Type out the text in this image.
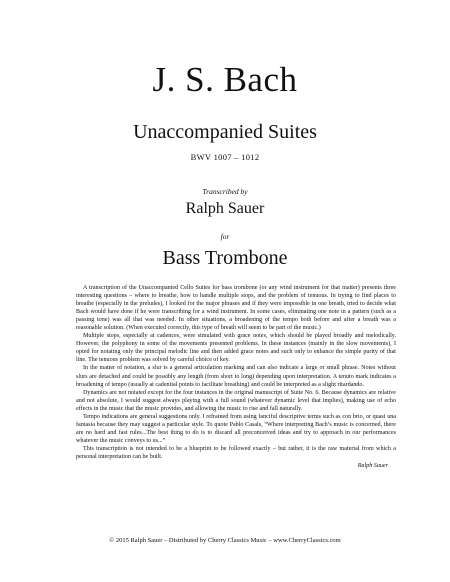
J. S. Bach
Unaccompanied Suites
BWV 1007 – 1012
Transcribed by
Ralph Sauer
for
Bass Trombone

A transcription of the Unaccompanied Cello Suites for bass trombone (or any wind instrument for that matter) presents three interesting questions – where to breathe, how to handle multiple stops, and the problem of tenuous. In trying to find places to breathe (especially in the preludes), I looked for the major phrases and if they were impossible in one breath, tried to decide what Bach would have done if he were transcribing for a wind instrument. In some cases, eliminating one note in a pattern (such as a passing tone) was all that was needed. In other situations, a broadening of the tempo both before and after a breath was a reasonable solution. (When executed correctly, this type of breath will seem to be part of the music.)

Multiple stops, especially at cadences, were simulated with grace notes, which should be played broadly and melodically. However, the polyphony in some of the movements presented problems. In these instances (mainly in the slow movements), I opted for notating only the principal melodic line and then added grace notes and such only to enhance the simple purity of that line. The tenuous problem was solved by careful choice of key.

In the matter of notation, a slur is a general articulation marking and can also indicate a large or small phrase. Notes without slurs are detached and could be possibly any length (from short to long) depending upon interpretation. A tenuto mark indicates a broadening of tempo (usually at cadential points to facilitate breathing) and could be interpreted as a slight ritardando.

Dynamics are not notated except for the four instances in the original manuscript of Suite No. 6. Because dynamics are relative and not absolute, I would suggest always playing with a full sound (whatever dynamic level that implies), making use of echo effects in the music that the music provides, and allowing the music to rise and fall naturally.

Tempo indications are general suggestions only. I refrained from using fanciful descriptive terms such as con brio, or quasi una fantasia because they may suggest a particular style. To quote Pablo Casals, “Where interpreting Bach’s music is concerned, there are no hard and fast rules...The best thing to do is to discard all preconceived ideas and try to approach in our performances whatever the music conveys to us...”

This transcription is not intended to be a blueprint to be followed exactly – but rather, it is the raw material from which a personal interpretation can be built.

Ralph Sauer

© 2015 Ralph Sauer – Distributed by Cherry Classics Music – www.CherryClassics.com
